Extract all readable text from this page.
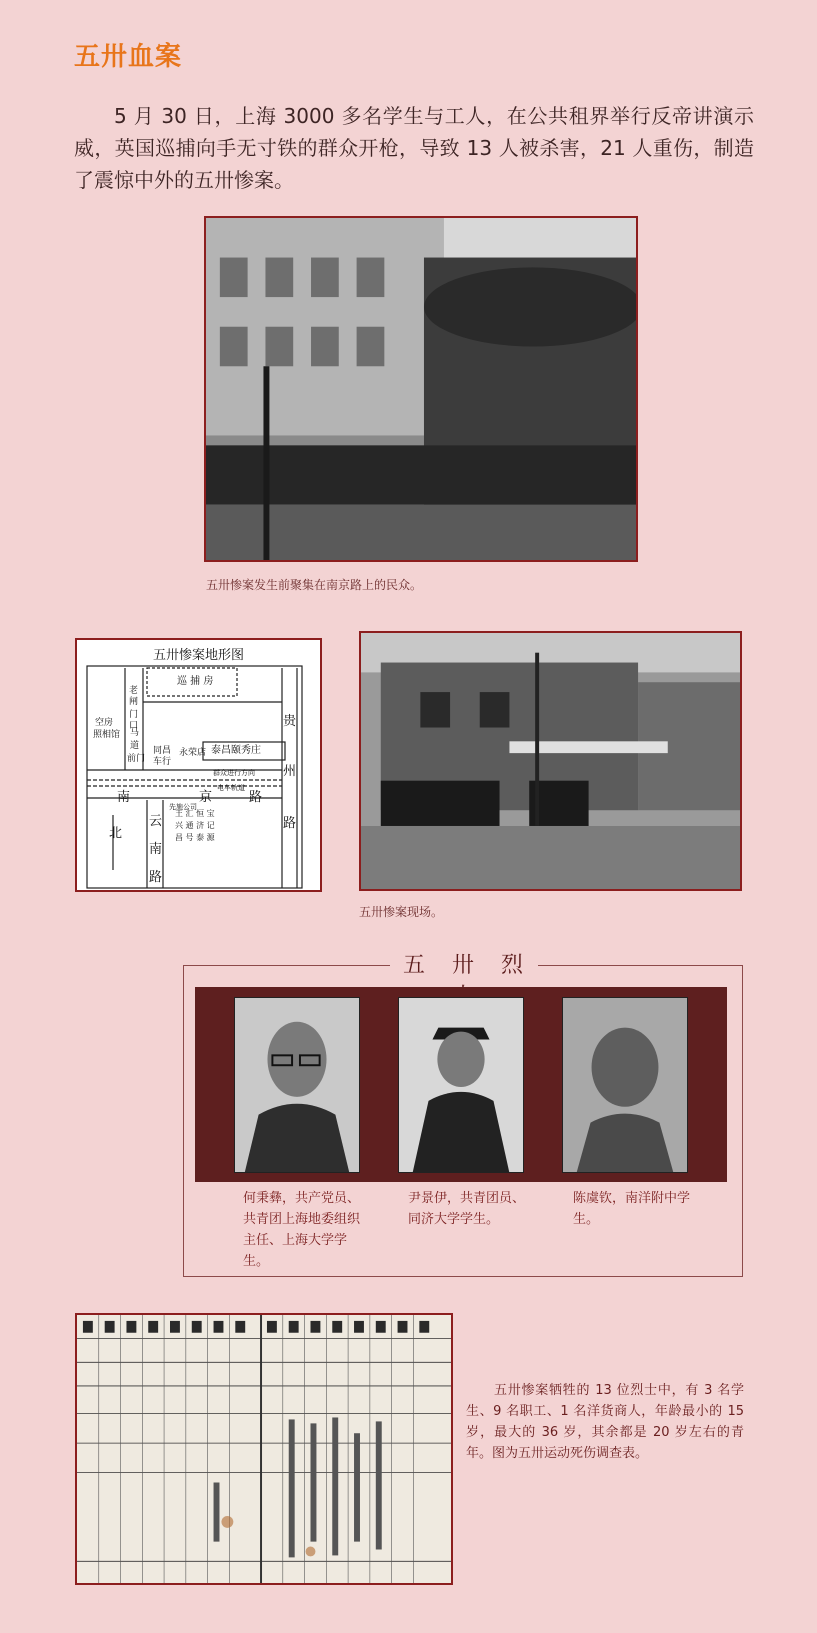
五卅血案
5 月 30 日，上海 3000 多名学生与工人，在公共租界举行反帝讲演示威，英国巡捕向手无寸铁的群众开枪，导致 13 人被杀害，21 人重伤，制造了震惊中外的五卅惨案。
五卅惨案发生前聚集在南京路上的民众。
五卅惨案地形图
巡 捕 房
老闸
门口
空房
照相馆 马
道
前门
同昌车行
永荣店 泰昌颐秀庄
群众进行方向
电车轨道
先施公司
南	京	路
贵
州
路
北
云
南
路
王 汇 恒 宝
兴 通 济 记
昌 号 泰 源
五卅惨案现场。
五 卅 烈
何秉彝，共产党员、共青团上海地委组织主任、上海大学学生。
尹景伊，共青团员、同济大学学生。
陈虞钦，南洋附中学生。
五卅惨案牺牲的 13 位烈士中，有 3 名学生、9 名职工、1 名洋货商人，年龄最小的 15 岁，最大的 36 岁，其余都是 20 岁左右的青年。图为五卅运动死伤调查表。
